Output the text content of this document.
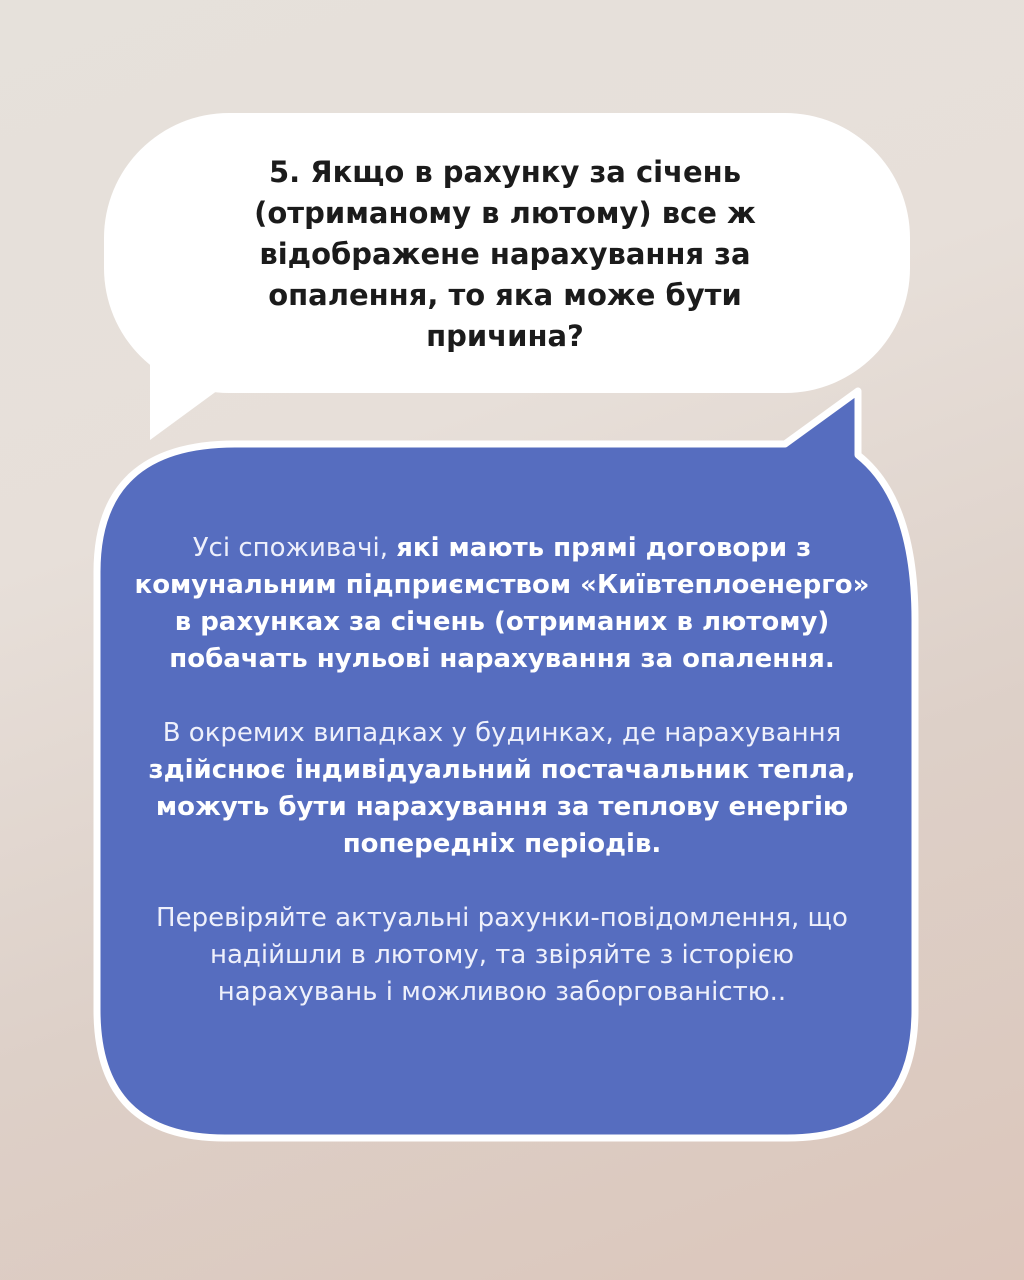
5. Якщо в рахунку за січень (отриманому в лютому) все ж відображене нарахування за опалення, то яка може бути причина?

Усі споживачі, які мають прямі договори з комунальним підприємством «Київтеплоенерго» в рахунках за січень (отриманих в лютому) побачать нульові нарахування за опалення.

В окремих випадках у будинках, де нарахування здійснює індивідуальний постачальник тепла, можуть бути нарахування за теплову енергію попередніх періодів.

Перевіряйте актуальні рахунки-повідомлення, що надійшли в лютому, та звіряйте з історією нарахувань і можливою заборгованістю..
